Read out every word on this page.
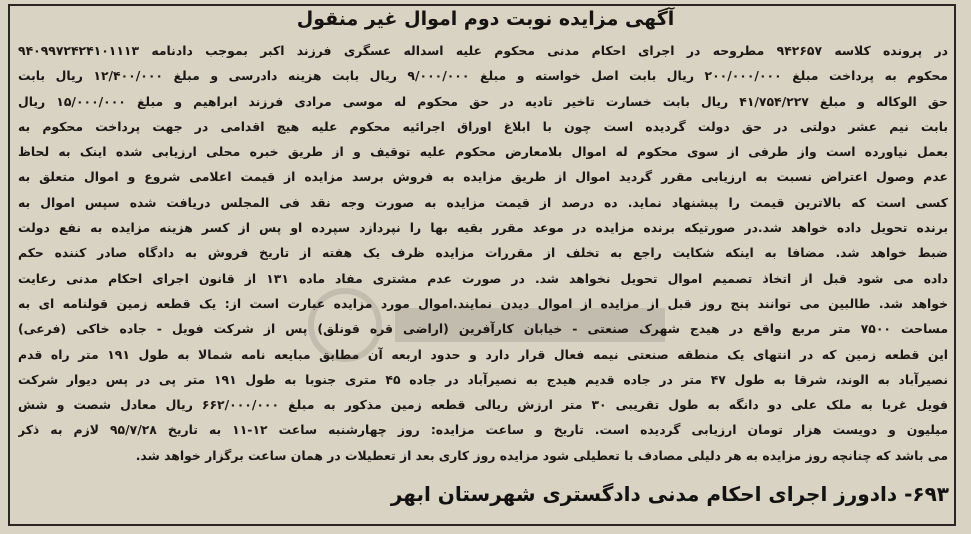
آگهی مزایده نوبت دوم اموال غیر منقول
در پرونده کلاسه ۹۴۲۶۵۷ مطروحه در اجرای احکام مدنی محکوم علیه اسداله عسگری فرزند اکبر بموجب دادنامه ۹۴۰۹۹۷۲۴۲۴۱۰۱۱۱۳
محکوم به پرداخت مبلغ ۲۰۰/۰۰۰/۰۰۰ ریال بابت اصل خواسته و مبلغ ۹/۰۰۰/۰۰۰ ریال بابت هزینه دادرسی و مبلغ ۱۲/۴۰۰/۰۰۰ ریال بابت
حق الوکاله و مبلغ ۴۱/۷۵۴/۲۲۷ ریال بابت خسارت تاخیر تادیه در حق محکوم له موسی مرادی فرزند ابراهیم و مبلغ ۱۵/۰۰۰/۰۰۰ ریال
بابت نیم عشر دولتی در حق دولت گردیده است چون با ابلاغ اوراق اجرائیه محکوم علیه هیچ اقدامی در جهت پرداخت محکوم به
بعمل نیاورده است واز طرفی از سوی محکوم له اموال بلامعارض محکوم علیه توقیف و از طریق خبره محلی ارزیابی شده اینک به لحاظ
عدم وصول اعتراض نسبت به ارزیابی مقرر گردید اموال از طریق مزایده به فروش برسد مزایده از قیمت اعلامی شروع و اموال متعلق به
کسی است که بالاترین قیمت را پیشنهاد نماید. ده درصد از قیمت مزایده به صورت وجه نقد فی المجلس دریافت شده سپس اموال به
برنده تحویل داده خواهد شد.در صورتیکه برنده مزایده در موعد مقرر بقیه بها را نپردازد سپرده او پس از کسر هزینه مزایده به نفع دولت
ضبط خواهد شد. مضافا به اینکه شکایت راجع به تخلف از مقررات مزایده ظرف یک هفته از تاریخ فروش به دادگاه صادر کننده حکم
داده می شود قبل از اتخاذ تصمیم اموال تحویل نخواهد شد. در صورت عدم مشتری مفاد ماده ۱۳۱ از قانون اجرای احکام مدنی رعایت
خواهد شد. طالبین می توانند پنج روز قبل از مزایده از اموال دیدن نمایند.اموال مورد مزایده عبارت است از: یک قطعه زمین قولنامه ای به
مساحت ۷۵۰۰ متر مربع واقع در هیدج شهرک صنعتی - خیابان کارآفرین (اراضی قره قونلق) پس از شرکت فویل - جاده خاکی (فرعی)
این قطعه زمین که در انتهای یک منطقه صنعتی نیمه فعال قرار دارد و حدود اربعه آن مطابق مبایعه نامه شمالا به طول ۱۹۱ متر راه قدم
نصیرآباد به الوند، شرقا به طول ۴۷ متر در جاده قدیم هیدج به نصیرآباد در جاده ۴۵ متری جنوبا به طول ۱۹۱ متر پی در پس دیوار شرکت
فویل غربا به ملک علی دو دانگه به طول تقریبی ۳۰ متر ارزش ریالی قطعه زمین مذکور به مبلغ ۶۶۲/۰۰۰/۰۰۰ ریال معادل شصت و شش
میلیون و دویست هزار تومان ارزیابی گردیده است. تاریخ و ساعت مزایده: روز چهارشنبه ساعت ۱۲-۱۱ به تاریخ ۹۵/۷/۲۸ لازم به ذکر
می باشد که چنانچه روز مزایده به هر دلیلی مصادف با تعطیلی شود مزایده روز کاری بعد از تعطیلات در همان ساعت برگزار خواهد شد.
۶۹۳- دادورز اجرای احکام مدنی دادگستری شهرستان ابهر
